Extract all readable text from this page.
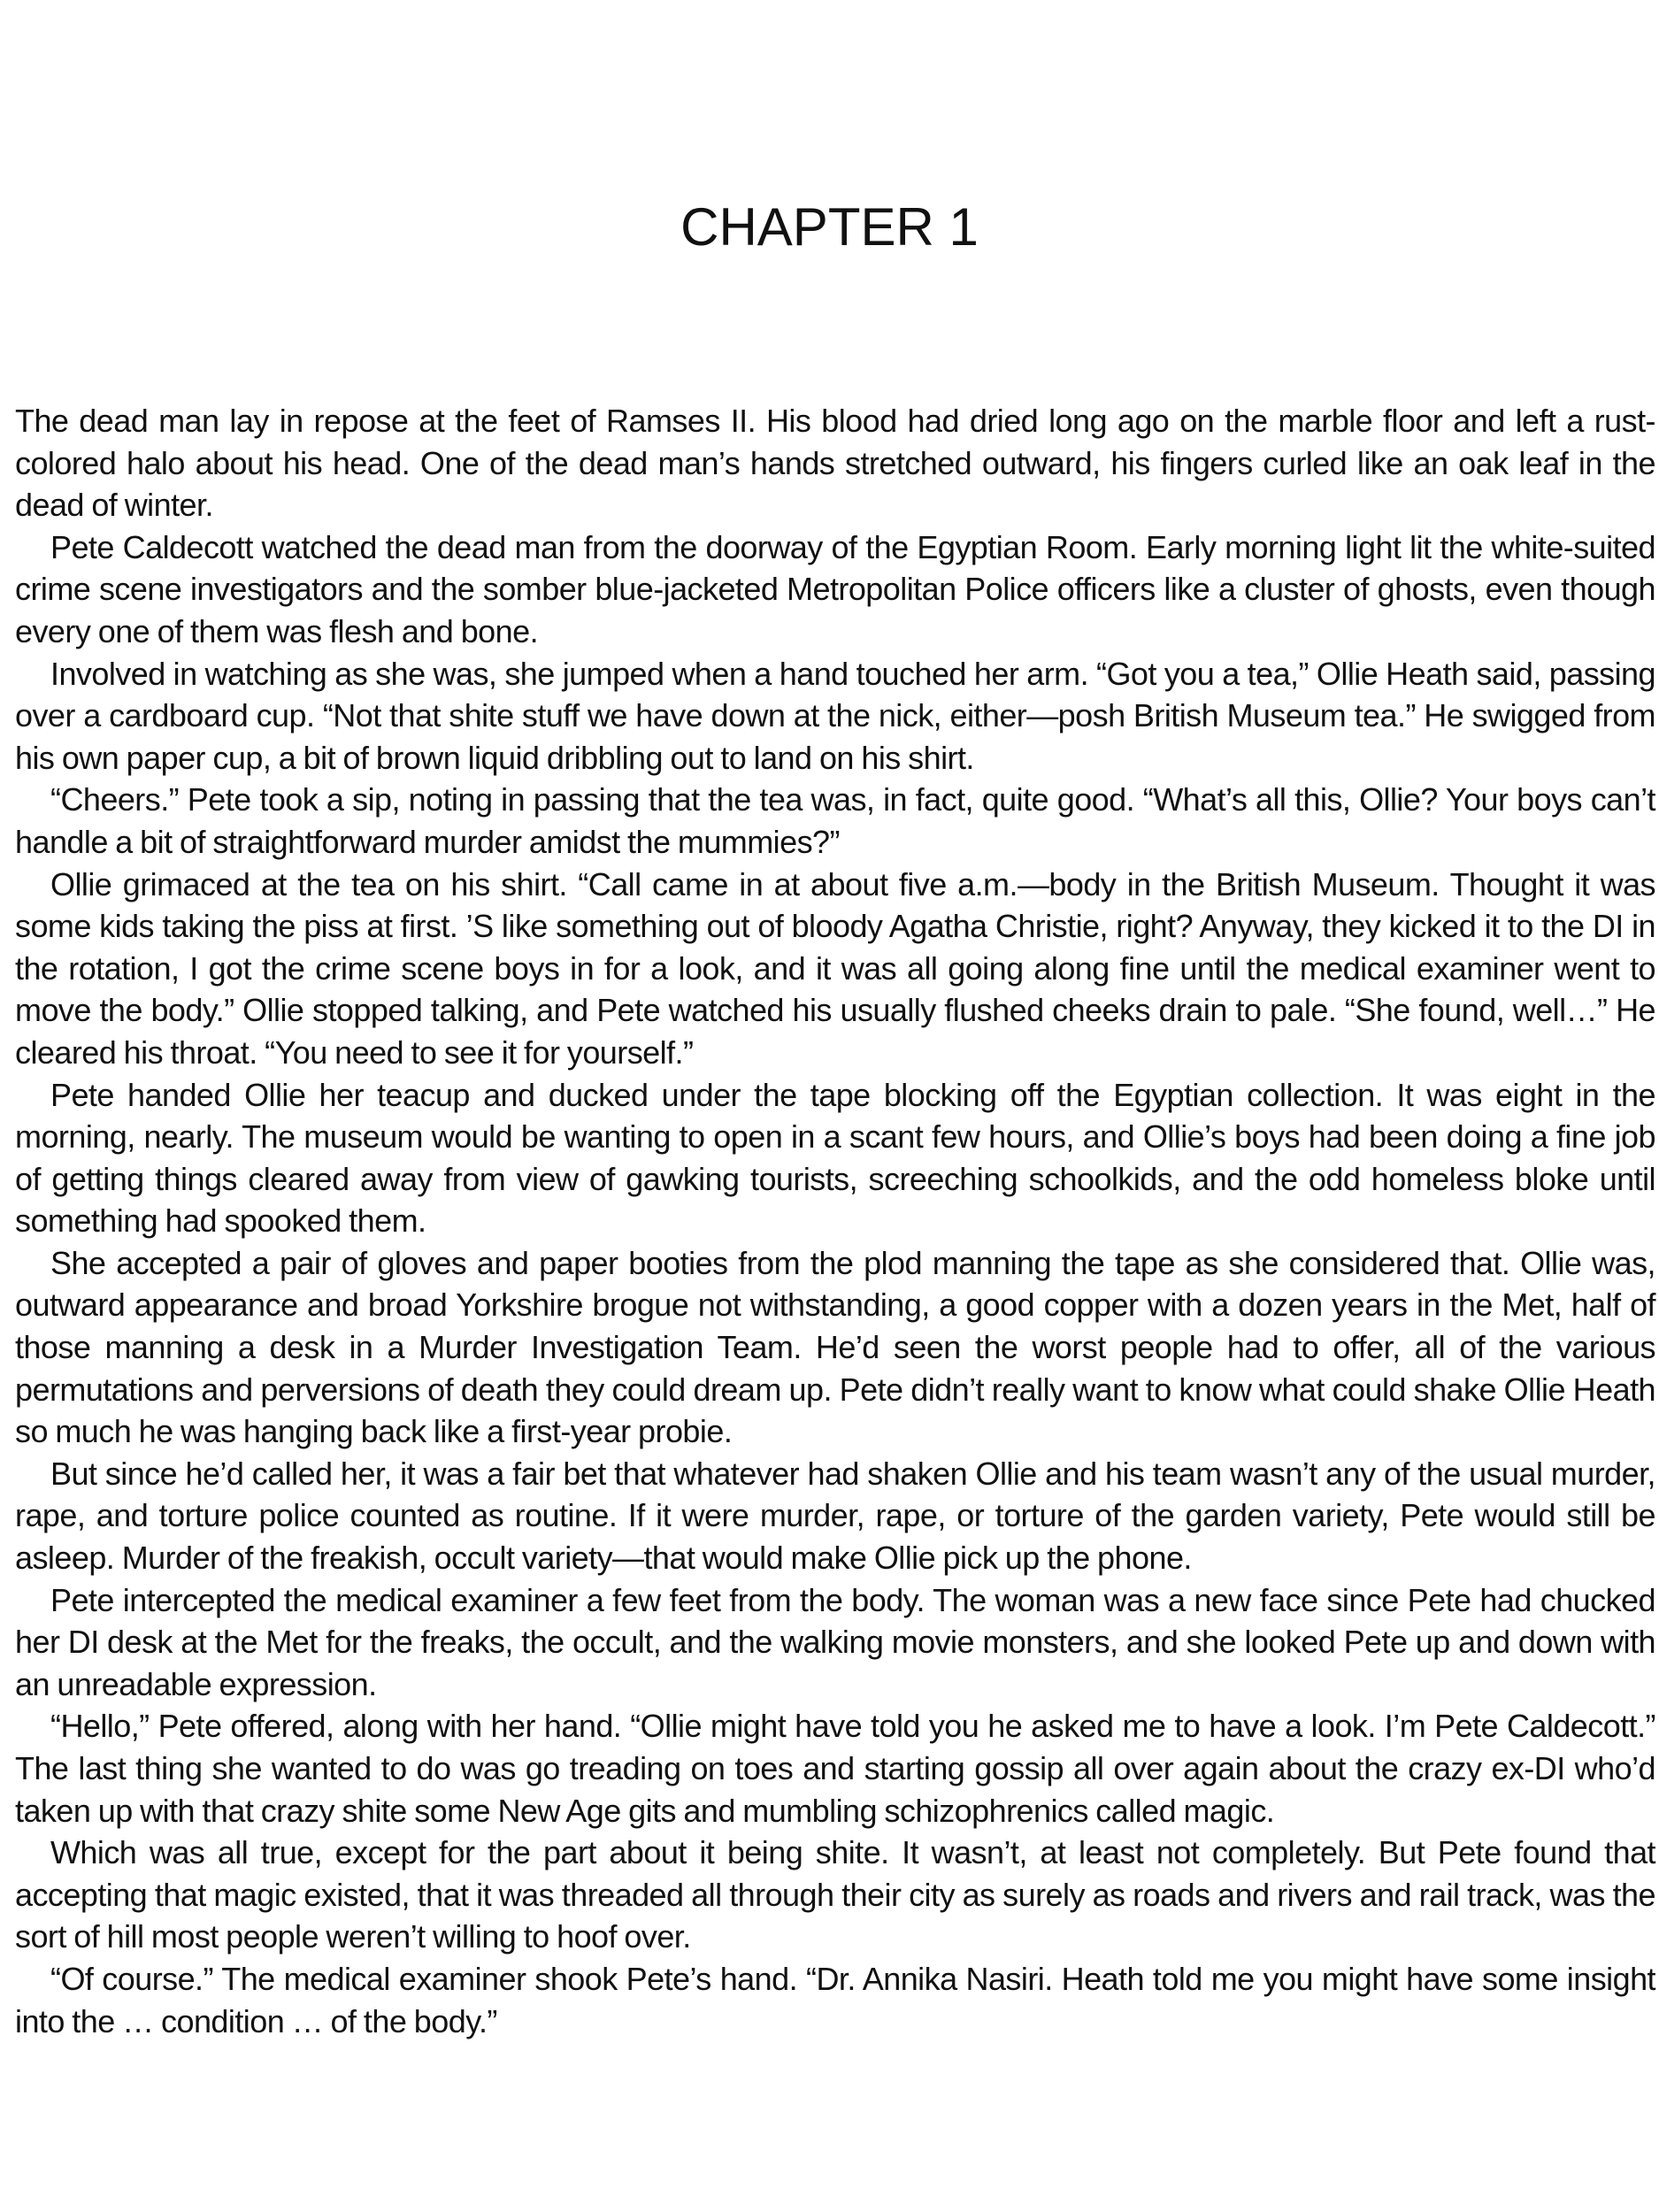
CHAPTER 1

The dead man lay in repose at the feet of Ramses II. His blood had dried long ago on the marble floor and left a rust-colored halo about his head. One of the dead man’s hands stretched outward, his fingers curled like an oak leaf in the dead of winter.

Pete Caldecott watched the dead man from the doorway of the Egyptian Room. Early morning light lit the white-suited crime scene investigators and the somber blue-jacketed Metropolitan Police officers like a cluster of ghosts, even though every one of them was flesh and bone.

Involved in watching as she was, she jumped when a hand touched her arm. “Got you a tea,” Ollie Heath said, passing over a cardboard cup. “Not that shite stuff we have down at the nick, either—posh British Museum tea.” He swigged from his own paper cup, a bit of brown liquid dribbling out to land on his shirt.

“Cheers.” Pete took a sip, noting in passing that the tea was, in fact, quite good. “What’s all this, Ollie? Your boys can’t handle a bit of straightforward murder amidst the mummies?”

Ollie grimaced at the tea on his shirt. “Call came in at about five a.m.—body in the British Museum. Thought it was some kids taking the piss at first. ’S like something out of bloody Agatha Christie, right? Anyway, they kicked it to the DI in the rotation, I got the crime scene boys in for a look, and it was all going along fine until the medical examiner went to move the body.” Ollie stopped talking, and Pete watched his usually flushed cheeks drain to pale. “She found, well…” He cleared his throat. “You need to see it for yourself.”

Pete handed Ollie her teacup and ducked under the tape blocking off the Egyptian collection. It was eight in the morning, nearly. The museum would be wanting to open in a scant few hours, and Ollie’s boys had been doing a fine job of getting things cleared away from view of gawking tourists, screeching schoolkids, and the odd homeless bloke until something had spooked them.

She accepted a pair of gloves and paper booties from the plod manning the tape as she considered that. Ollie was, outward appearance and broad Yorkshire brogue not withstanding, a good copper with a dozen years in the Met, half of those manning a desk in a Murder Investigation Team. He’d seen the worst people had to offer, all of the various permutations and perversions of death they could dream up. Pete didn’t really want to know what could shake Ollie Heath so much he was hanging back like a first-year probie.

But since he’d called her, it was a fair bet that whatever had shaken Ollie and his team wasn’t any of the usual murder, rape, and torture police counted as routine. If it were murder, rape, or torture of the garden variety, Pete would still be asleep. Murder of the freakish, occult variety—that would make Ollie pick up the phone.

Pete intercepted the medical examiner a few feet from the body. The woman was a new face since Pete had chucked her DI desk at the Met for the freaks, the occult, and the walking movie monsters, and she looked Pete up and down with an unreadable expression.

“Hello,” Pete offered, along with her hand. “Ollie might have told you he asked me to have a look. I’m Pete Caldecott.” The last thing she wanted to do was go treading on toes and starting gossip all over again about the crazy ex-DI who’d taken up with that crazy shite some New Age gits and mumbling schizophrenics called magic.

Which was all true, except for the part about it being shite. It wasn’t, at least not completely. But Pete found that accepting that magic existed, that it was threaded all through their city as surely as roads and rivers and rail track, was the sort of hill most people weren’t willing to hoof over.

“Of course.” The medical examiner shook Pete’s hand. “Dr. Annika Nasiri. Heath told me you might have some insight into the … condition … of the body.”
